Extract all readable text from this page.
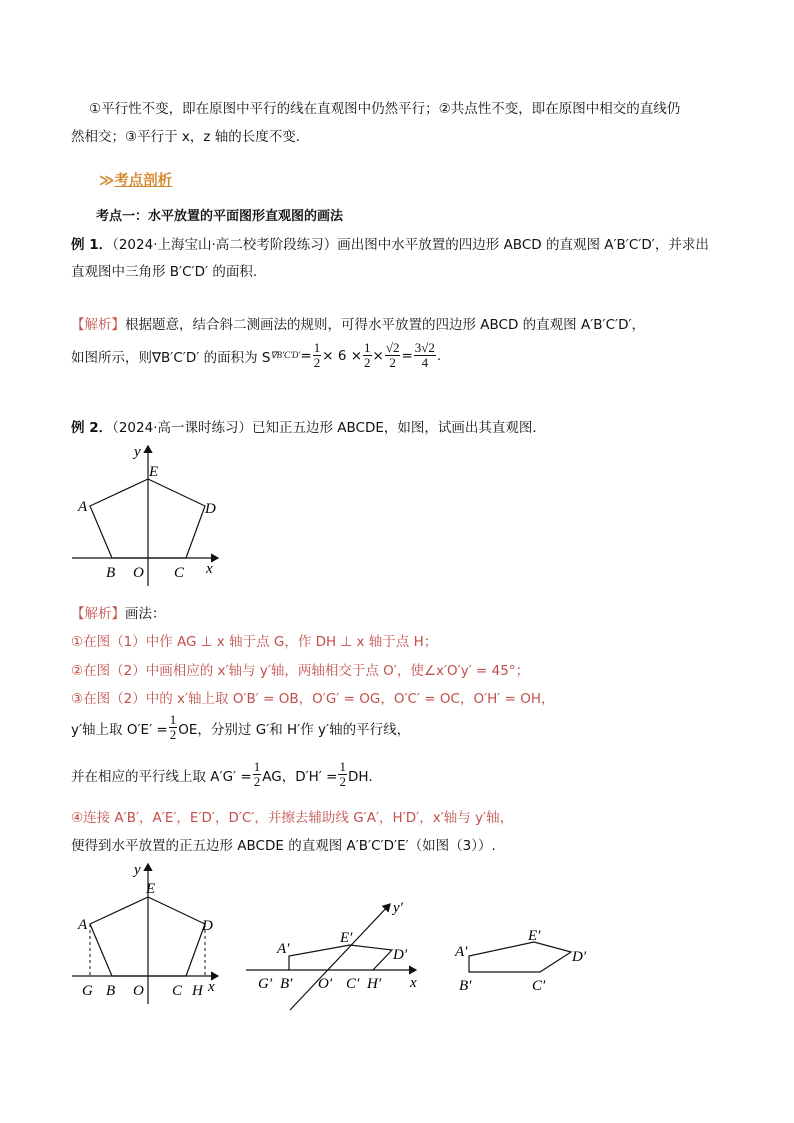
①平行性不变，即在原图中平行的线在直观图中仍然平行；②共点性不变，即在原图中相交的直线仍
然相交；③平行于 x，z 轴的长度不变．
≫考点剖析
考点一：水平放置的平面图形直观图的画法
例 1．（2024·上海宝山·高二校考阶段练习）画出图中水平放置的四边形 ABCD 的直观图 A′B′C′D′，并求出
直观图中三角形 B′C′D′ 的面积.
【解析】根据题意，结合斜二测画法的规则，可得水平放置的四边形 ABCD 的直观图 A′B′C′D′，
如图所示，则∇B′C′D′ 的面积为 S $\nabla B'C'D' = \frac{1}{2} \times 6 \times \frac{1}{2} \times \frac{√2}{2} = \frac{3√2}{4}$ .
例 2．（2024·高一课时练习）已知正五边形 ABCDE，如图，试画出其直观图．
y
E
A	D
B O C x
【解析】画法：
①在图（1）中作 AG ⊥ x 轴于点 G，作 DH ⊥ x 轴于点 H；
②在图（2）中画相应的 x′轴与 y′轴，两轴相交于点 O′，使∠x′O′y′ = 45°；
③在图（2）中的 x′轴上取 O′B′ = OB，O′G′ = OG，O′C′ = OC，O′H′ = OH，
y′轴上取 $O'E' = \frac{1}{2}$ OE，分别过 G′和 H′作 y′轴的平行线，
并在相应的平行线上取 $A'G' = \frac{1}{2}$ AG，$D'H' = \frac{1}{2}$ DH．
④连接 A′B′，A′E′，E′D′，D′C′，并擦去辅助线 G′A′，H′D′，x′轴与 y′轴，
便得到水平放置的正五边形 ABCDE 的直观图 A′B′C′D′E′（如图（3））.
y
E
A	D
G B O C H x
y′
A′
E′
D′
G′ B′ O′ C′ H′ x
A′
E′
D′
B′	C′
